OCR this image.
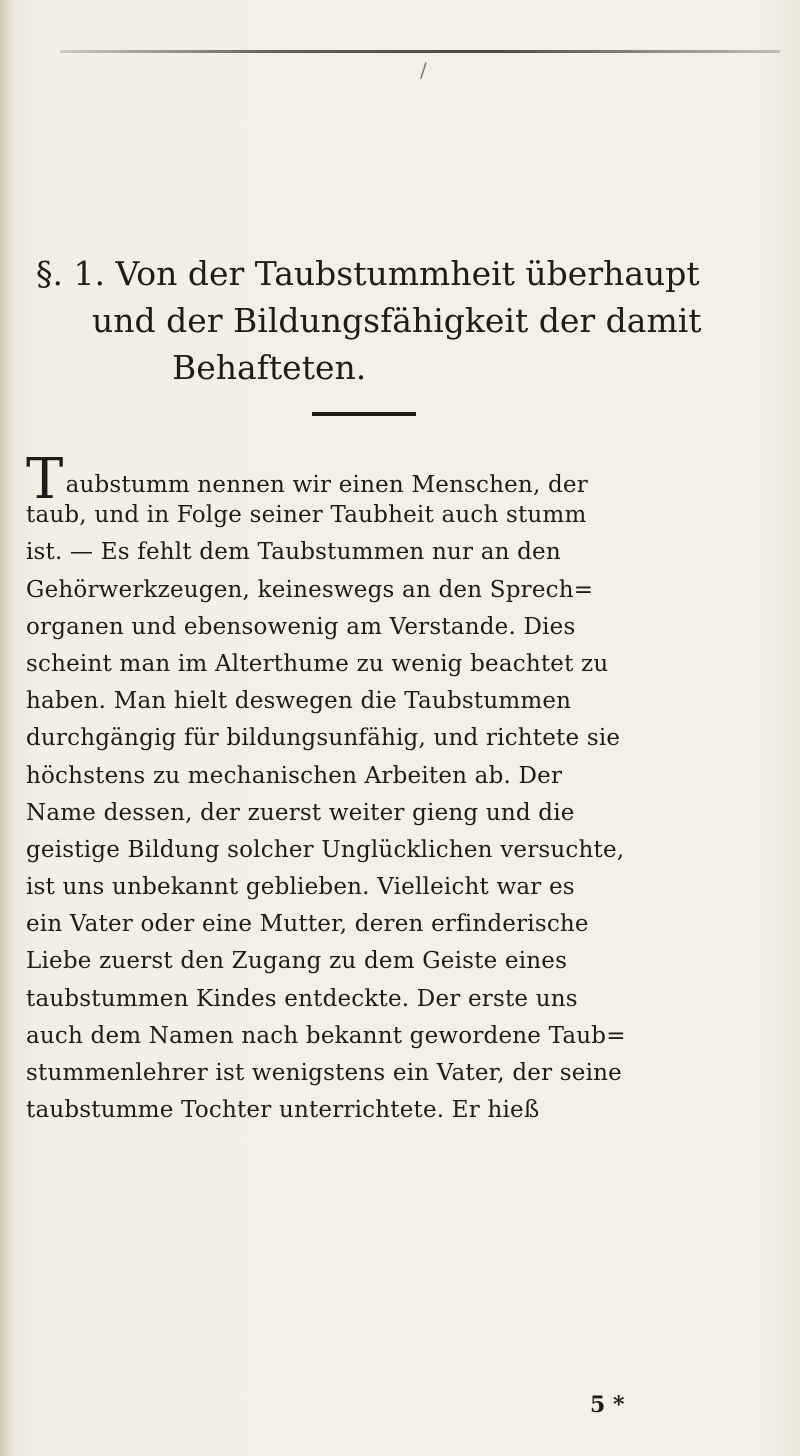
/
§. 1. Von der Taubstummheit überhaupt
und der Bildungsfähigkeit der damit
Behafteten.
Taubstumm nennen wir einen Menschen, der
taub, und in Folge seiner Taubheit auch stumm
ist. — Es fehlt dem Taubstummen nur an den
Gehörwerkzeugen, keineswegs an den Sprech=
organen und ebensowenig am Verstande. Dies
scheint man im Alterthume zu wenig beachtet zu
haben. Man hielt deswegen die Taubstummen
durchgängig für bildungsunfähig, und richtete sie
höchstens zu mechanischen Arbeiten ab. Der
Name dessen, der zuerst weiter gieng und die
geistige Bildung solcher Unglücklichen versuchte,
ist uns unbekannt geblieben. Vielleicht war es
ein Vater oder eine Mutter, deren erfinderische
Liebe zuerst den Zugang zu dem Geiste eines
taubstummen Kindes entdeckte. Der erste uns
auch dem Namen nach bekannt gewordene Taub=
stummenlehrer ist wenigstens ein Vater, der seine
taubstumme Tochter unterrichtete. Er hieß
5 *
